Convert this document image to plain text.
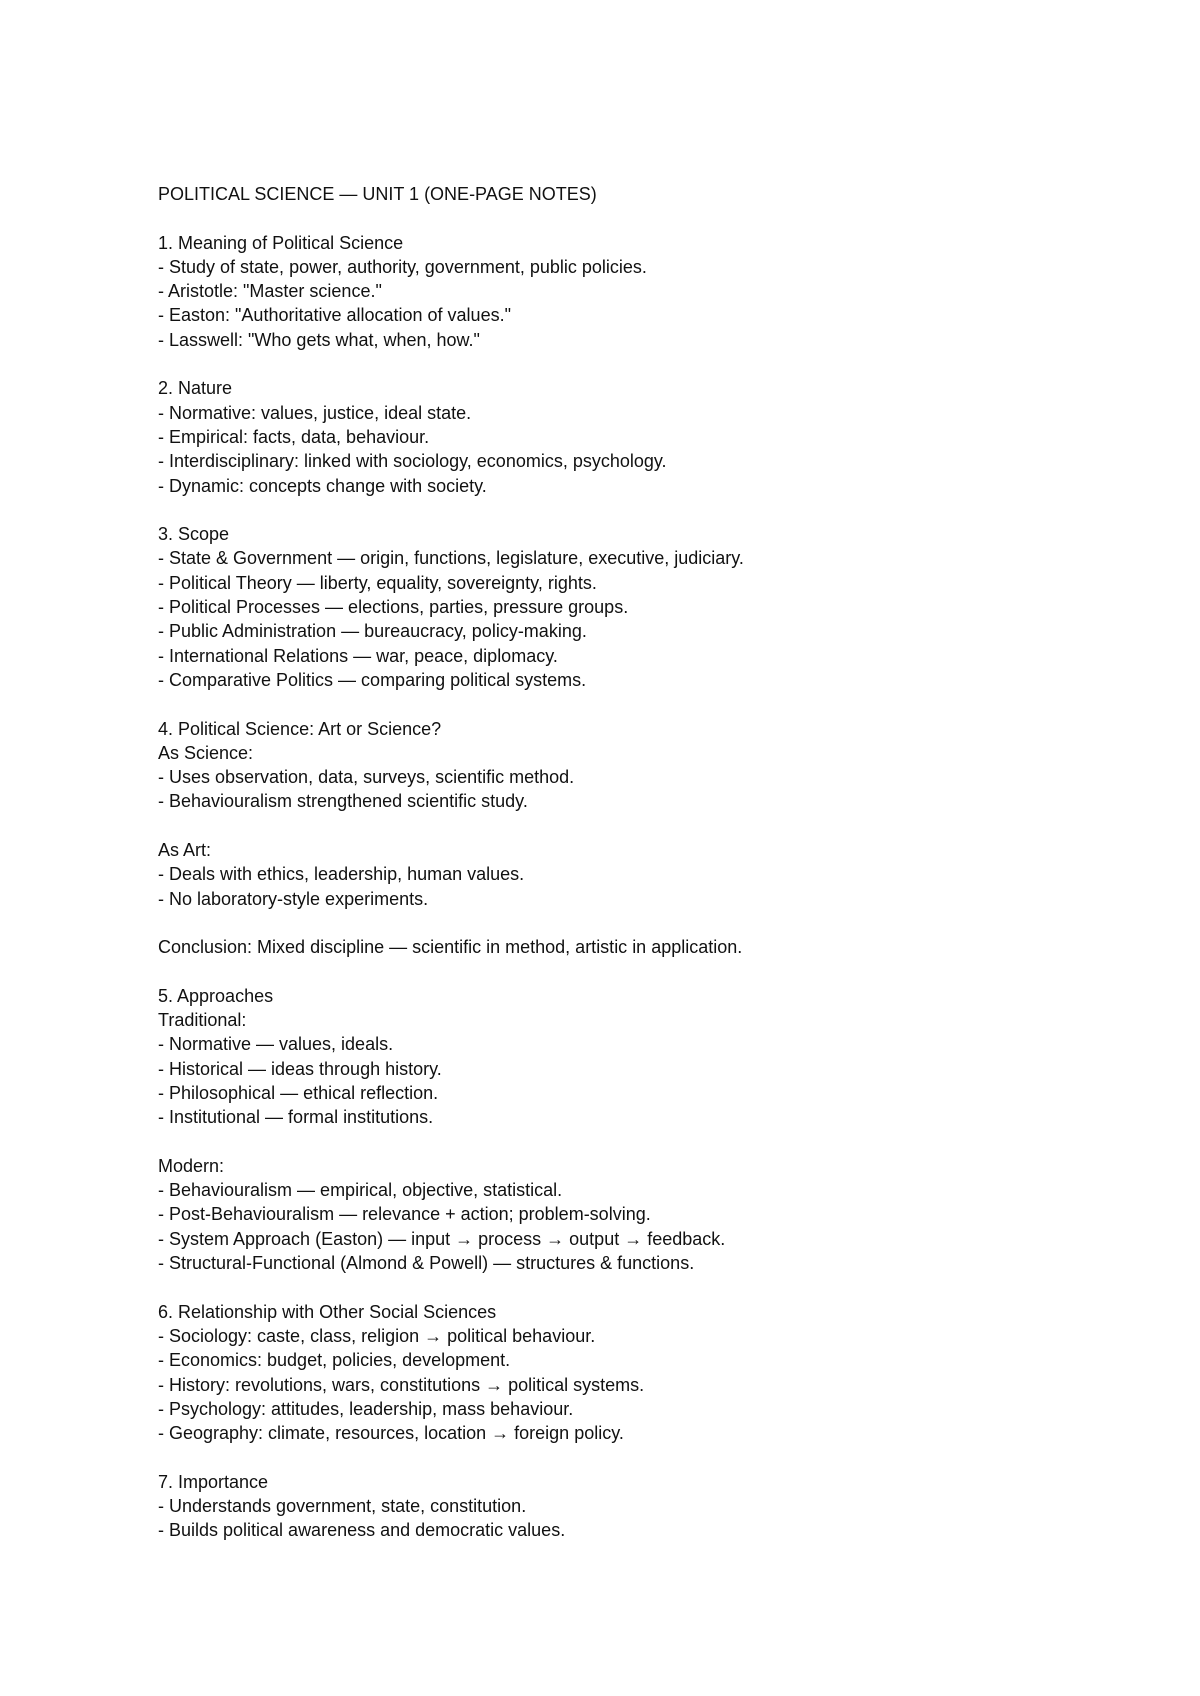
POLITICAL SCIENCE — UNIT 1 (ONE-PAGE NOTES)

1. Meaning of Political Science

- Study of state, power, authority, government, public policies.

- Aristotle: "Master science."

- Easton: "Authoritative allocation of values."

- Lasswell: "Who gets what, when, how."

2. Nature

- Normative: values, justice, ideal state.

- Empirical: facts, data, behaviour.

- Interdisciplinary: linked with sociology, economics, psychology.

- Dynamic: concepts change with society.

3. Scope

- State & Government — origin, functions, legislature, executive, judiciary.

- Political Theory — liberty, equality, sovereignty, rights.

- Political Processes — elections, parties, pressure groups.

- Public Administration — bureaucracy, policy-making.

- International Relations — war, peace, diplomacy.

- Comparative Politics — comparing political systems.

4. Political Science: Art or Science?

As Science:

- Uses observation, data, surveys, scientific method.

- Behaviouralism strengthened scientific study.

As Art:

- Deals with ethics, leadership, human values.

- No laboratory-style experiments.

Conclusion: Mixed discipline — scientific in method, artistic in application.

5. Approaches

Traditional:

- Normative — values, ideals.

- Historical — ideas through history.

- Philosophical — ethical reflection.

- Institutional — formal institutions.

Modern:

- Behaviouralism — empirical, objective, statistical.

- Post-Behaviouralism — relevance + action; problem-solving.

- System Approach (Easton) — input → process → output → feedback.

- Structural-Functional (Almond & Powell) — structures & functions.

6. Relationship with Other Social Sciences

- Sociology: caste, class, religion → political behaviour.

- Economics: budget, policies, development.

- History: revolutions, wars, constitutions → political systems.

- Psychology: attitudes, leadership, mass behaviour.

- Geography: climate, resources, location → foreign policy.

7. Importance

- Understands government, state, constitution.

- Builds political awareness and democratic values.
